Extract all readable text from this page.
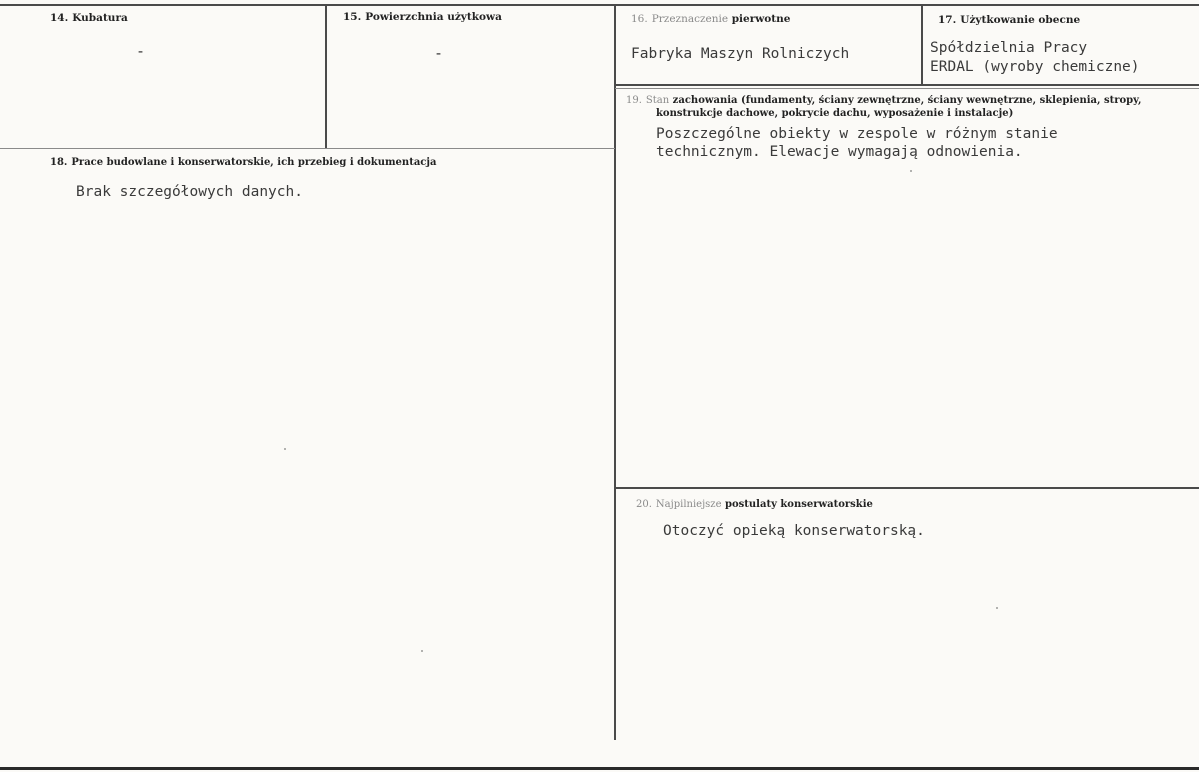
14. Kubatura
-
15. Powierzchnia użytkowa
-
16. Przeznaczenie pierwotne
Fabryka Maszyn Rolniczych
17. Użytkowanie obecne
Spółdzielnia Pracy
ERDAL (wyroby chemiczne)
18. Prace budowlane i konserwatorskie, ich przebieg i dokumentacja
Brak szczegółowych danych.
19. Stan zachowania (fundamenty, ściany zewnętrzne, ściany wewnętrzne, sklepienia, stropy,
konstrukcje dachowe, pokrycie dachu, wyposażenie i instalacje)
Poszczególne obiekty w zespole w różnym stanie
technicznym. Elewacje wymagają odnowienia.
20. Najpilniejsze postulaty konserwatorskie
Otoczyć opieką konserwatorską.
